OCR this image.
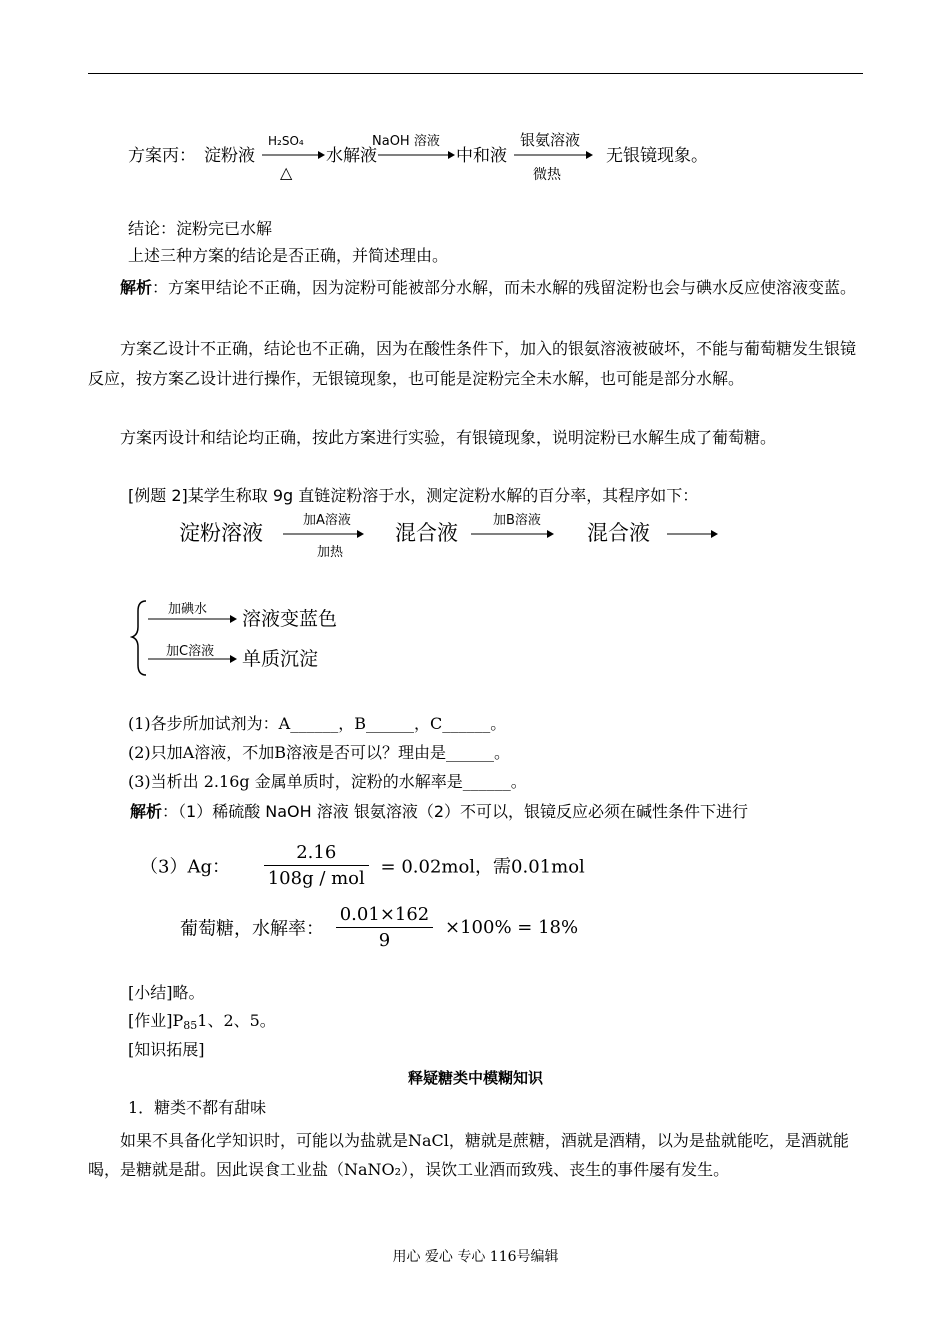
方案丙： 淀粉液
H₂SO₄
△
水解液
NaOH 溶液
中和液
银氨溶液
微热
无银镜现象。
结论：淀粉完已水解
上述三种方案的结论是否正确，并简述理由。
解析：方案甲结论不正确，因为淀粉可能被部分水解，而未水解的残留淀粉也会与碘水反应使溶液变蓝。
方案乙设计不正确，结论也不正确，因为在酸性条件下，加入的银氨溶液被破坏，不能与葡萄糖发生银镜反应，按方案乙设计进行操作，无银镜现象，也可能是淀粉完全未水解，也可能是部分水解。
方案丙设计和结论均正确，按此方案进行实验，有银镜现象，说明淀粉已水解生成了葡萄糖。
[例题 2]某学生称取 9g 直链淀粉溶于水，测定淀粉水解的百分率，其程序如下：
淀粉溶液
加A溶液
加热
混合液
加B溶液
混合液
加碘水 溶液变蓝色
加C溶液 单质沉淀
(1)各步所加试剂为：A______，B______，C______。
(2)只加A溶液，不加B溶液是否可以？理由是______。
(3)当析出 2.16g 金属单质时，淀粉的水解率是______。
解析：（1）稀硫酸 NaOH 溶液 银氨溶液（2）不可以，银镜反应必须在碱性条件下进行
（3）Ag： $\frac{2.16}{\text{108g / mol}} = 0.02mol$，需0.01mol
葡萄糖，水解率： $\frac{0.01\times 162}{9} \times 100\% = 18\%$
[小结]略。
[作业]$P_{85}1$、2、5。
[知识拓展]
释疑糖类中模糊知识
1．糖类不都有甜味
如果不具备化学知识时，可能以为盐就是NaCl，糖就是蔗糖，酒就是酒精，以为是盐就能吃，是酒就能喝，是糖就是甜。因此误食工业盐（NaNO₂），误饮工业酒而致残、丧生的事件屡有发生。
用心 爱心 专心 116号编辑
